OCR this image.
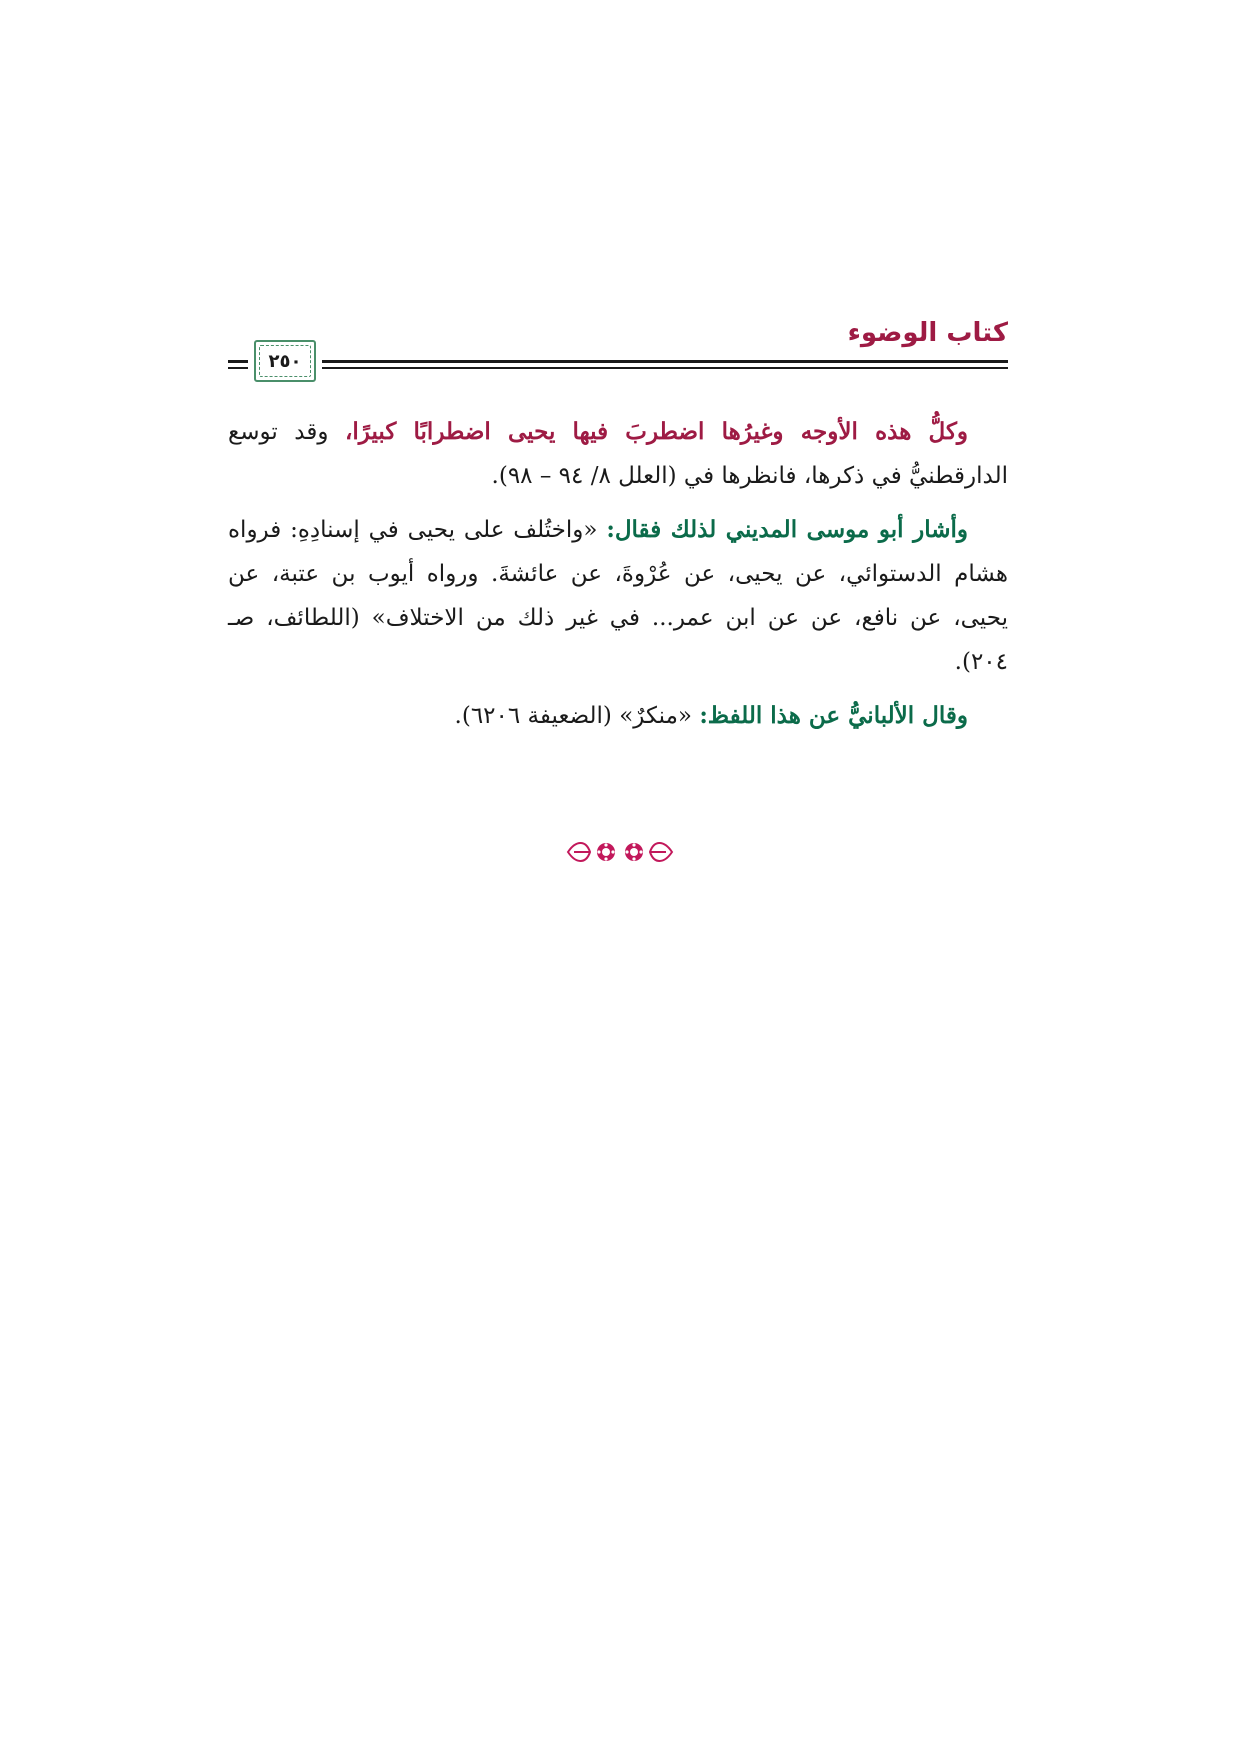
كتاب الوضوء
٢٥٠

وكلُّ هذه الأوجه وغيرُها اضطربَ فيها يحيى اضطرابًا كبيرًا، وقد توسع الدارقطنيُّ في ذكرها، فانظرها في (العلل ٨/ ٩٤ – ٩٨).

وأشار أبو موسى المديني لذلك فقال: «واختُلف على يحيى في إسنادِهِ: فرواه هشام الدستوائي، عن يحيى، عن عُرْوةَ، عن عائشةَ. ورواه أيوب بن عتبة، عن يحيى، عن نافع، عن عن ابن عمر... في غير ذلك من الاختلاف» (اللطائف، صـ ٢٠٤).

وقال الألبانيُّ عن هذا اللفظ: «منكرٌ» (الضعيفة ٦٢٠٦).
